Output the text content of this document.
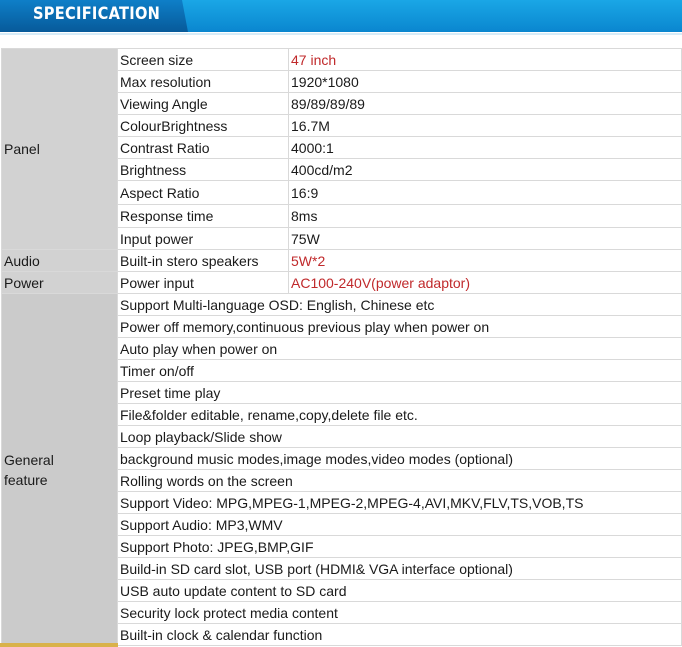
SPECIFICATION
Panel	Screen size	47 inch
	Max resolution	1920*1080
	Viewing Angle	89/89/89/89
	ColourBrightness	16.7M
	Contrast Ratio	4000:1
	Brightness	400cd/m2
	Aspect Ratio	16:9
	Response time	8ms
	Input power	75W
Audio	Built-in stero speakers	5W*2
Power	Power input	AC100-240V(power adaptor)

General
feature	Support Multi-language OSD: English, Chinese etc	
	Power off memory,continuous previous play when power on	
	Auto play when power on	
	Timer on/off	
	Preset time play	
	File&folder editable, rename,copy,delete file etc.	
	Loop playback/Slide show	
	background music modes,image modes,video modes (optional)	
	Rolling words on the screen	
	Support Video: MPG,MPEG-1,MPEG-2,MPEG-4,AVI,MKV,FLV,TS,VOB,TS	
	Support Audio: MP3,WMV	
	Support Photo: JPEG,BMP,GIF	
	Build-in SD card slot, USB port (HDMI& VGA interface optional)	
	USB auto update content to SD card	
	Security lock protect media content	
	Built-in clock & calendar function	
